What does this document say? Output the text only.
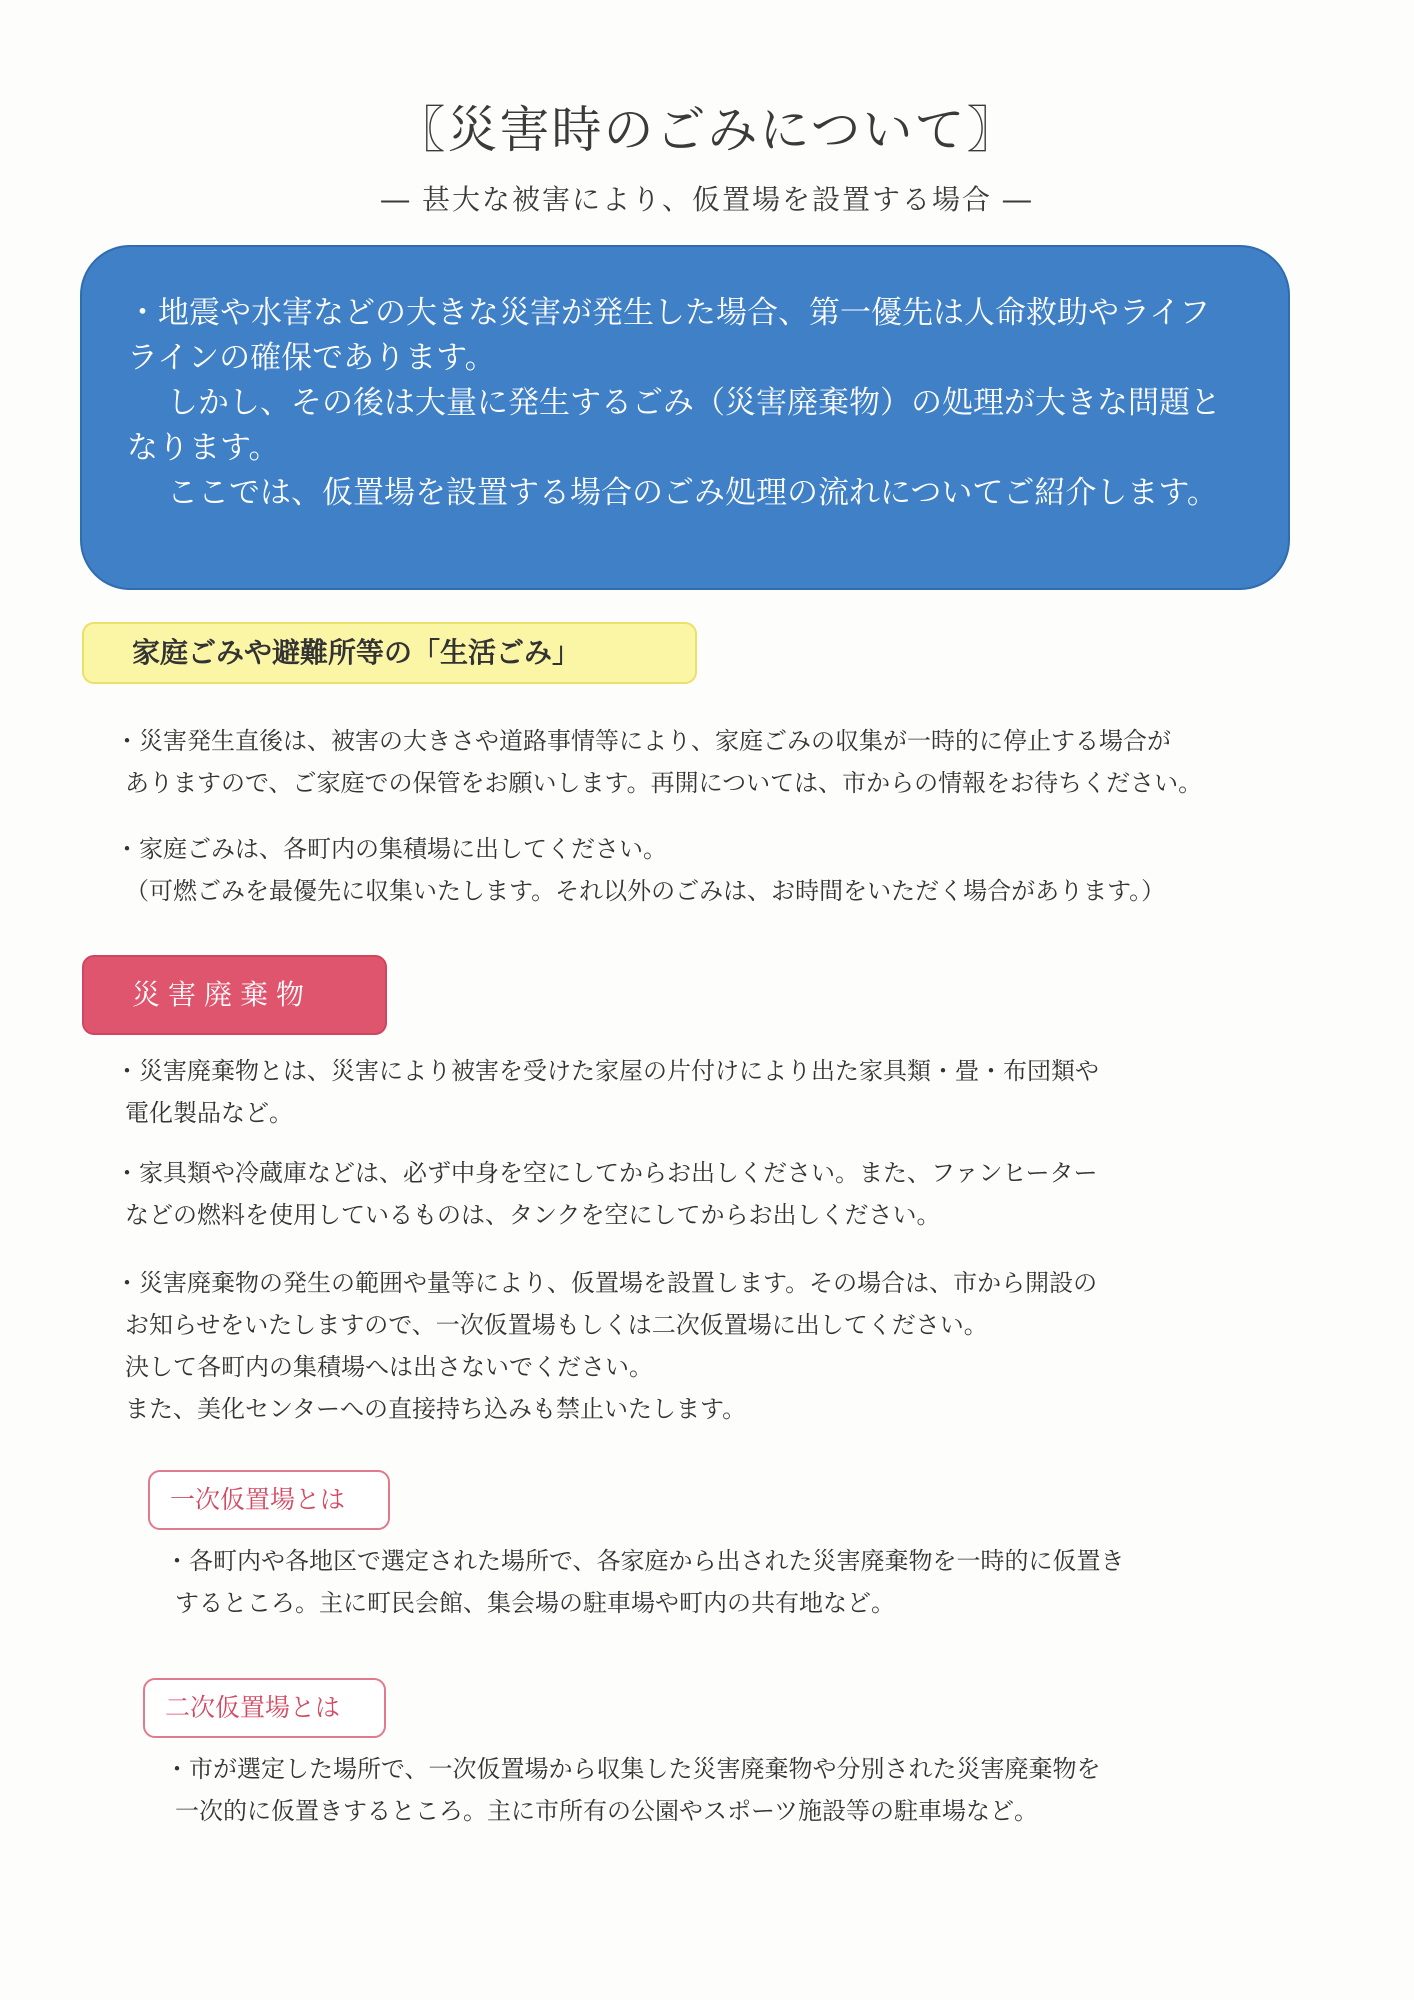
〖災害時のごみについて〗
― 甚大な被害により、仮置場を設置する場合 ―

・地震や水害などの大きな災害が発生した場合、第一優先は人命救助やライフラインの確保であります。

しかし、その後は大量に発生するごみ（災害廃棄物）の処理が大きな問題となります。

ここでは、仮置場を設置する場合のごみ処理の流れについてご紹介します。

家庭ごみや避難所等の「生活ごみ」
・災害発生直後は、被害の大きさや道路事情等により、家庭ごみの収集が一時的に停止する場合が
ありますので、ご家庭での保管をお願いします。再開については、市からの情報をお待ちください。
・家庭ごみは、各町内の集積場に出してください。
（可燃ごみを最優先に収集いたします。それ以外のごみは、お時間をいただく場合があります。）
災害廃棄物
・災害廃棄物とは、災害により被害を受けた家屋の片付けにより出た家具類・畳・布団類や
電化製品など。
・家具類や冷蔵庫などは、必ず中身を空にしてからお出しください。また、ファンヒーター
などの燃料を使用しているものは、タンクを空にしてからお出しください。
・災害廃棄物の発生の範囲や量等により、仮置場を設置します。その場合は、市から開設の
お知らせをいたしますので、一次仮置場もしくは二次仮置場に出してください。
決して各町内の集積場へは出さないでください。
また、美化センターへの直接持ち込みも禁止いたします。
一次仮置場とは
・各町内や各地区で選定された場所で、各家庭から出された災害廃棄物を一時的に仮置き
するところ。主に町民会館、集会場の駐車場や町内の共有地など。
二次仮置場とは
・市が選定した場所で、一次仮置場から収集した災害廃棄物や分別された災害廃棄物を
一次的に仮置きするところ。主に市所有の公園やスポーツ施設等の駐車場など。
